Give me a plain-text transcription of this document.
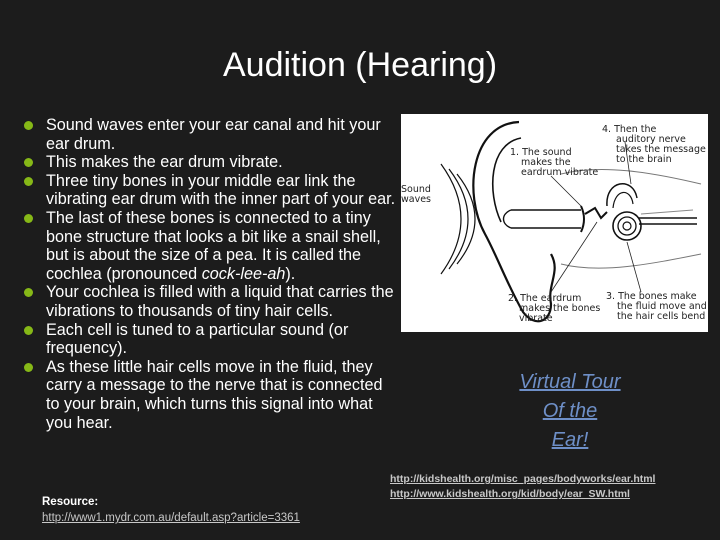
Audition (Hearing)
Sound waves enter your ear canal and hit your ear drum.
This makes the ear drum vibrate.
Three tiny bones in your middle ear link the vibrating ear drum with the inner part of your ear.
The last of these bones is connected to a tiny bone structure that looks a bit like a snail shell, but is about the size of a pea. It is called the cochlea (pronounced cock-lee-ah).
Your cochlea is filled with a liquid that carries the vibrations to thousands of tiny hair cells.
Each cell is tuned to a particular sound (or frequency).
As these little hair cells move in the fluid, they carry a message to the nerve that is connected to your brain, which turns this signal into what you hear.
Resource:
http://www1.mydr.com.au/default.asp?article=3361
1. The sound
makes the
eardrum vibrate
4. Then the
auditory nerve
takes the message
to the brain
Sound
waves
2. The eardrum
makes the bones
vibrate
3. The bones make
the fluid move and
the hair cells bend
Virtual Tour
Of the
Ear!
http://kidshealth.org/misc_pages/bodyworks/ear.html
http://www.kidshealth.org/kid/body/ear_SW.html
